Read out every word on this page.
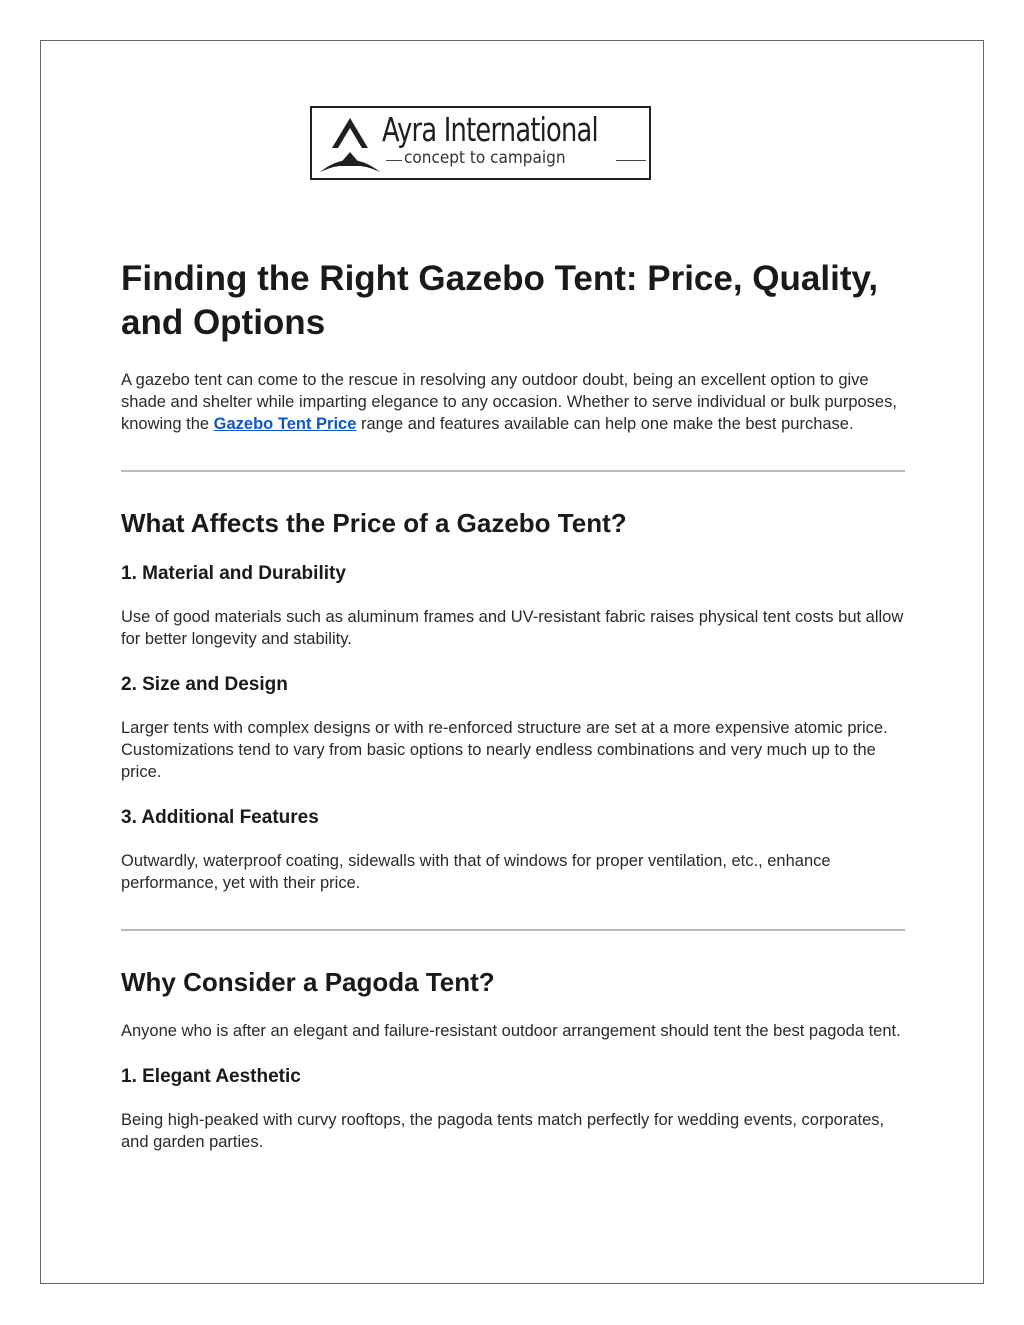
Ayra International
concept to campaign
Finding the Right Gazebo Tent: Price, Quality, and Options

A gazebo tent can come to the rescue in resolving any outdoor doubt, being an excellent option to give shade and shelter while imparting elegance to any occasion. Whether to serve individual or bulk purposes, knowing the Gazebo Tent Price range and features available can help one make the best purchase.

What Affects the Price of a Gazebo Tent?
1. Material and Durability

Use of good materials such as aluminum frames and UV-resistant fabric raises physical tent costs but allow for better longevity and stability.

2. Size and Design

Larger tents with complex designs or with re-enforced structure are set at a more expensive atomic price. Customizations tend to vary from basic options to nearly endless combinations and very much up to the price.

3. Additional Features

Outwardly, waterproof coating, sidewalls with that of windows for proper ventilation, etc., enhance performance, yet with their price.

Why Consider a Pagoda Tent?

Anyone who is after an elegant and failure-resistant outdoor arrangement should tent the best pagoda tent.

1. Elegant Aesthetic

Being high-peaked with curvy rooftops, the pagoda tents match perfectly for wedding events, corporates, and garden parties.
